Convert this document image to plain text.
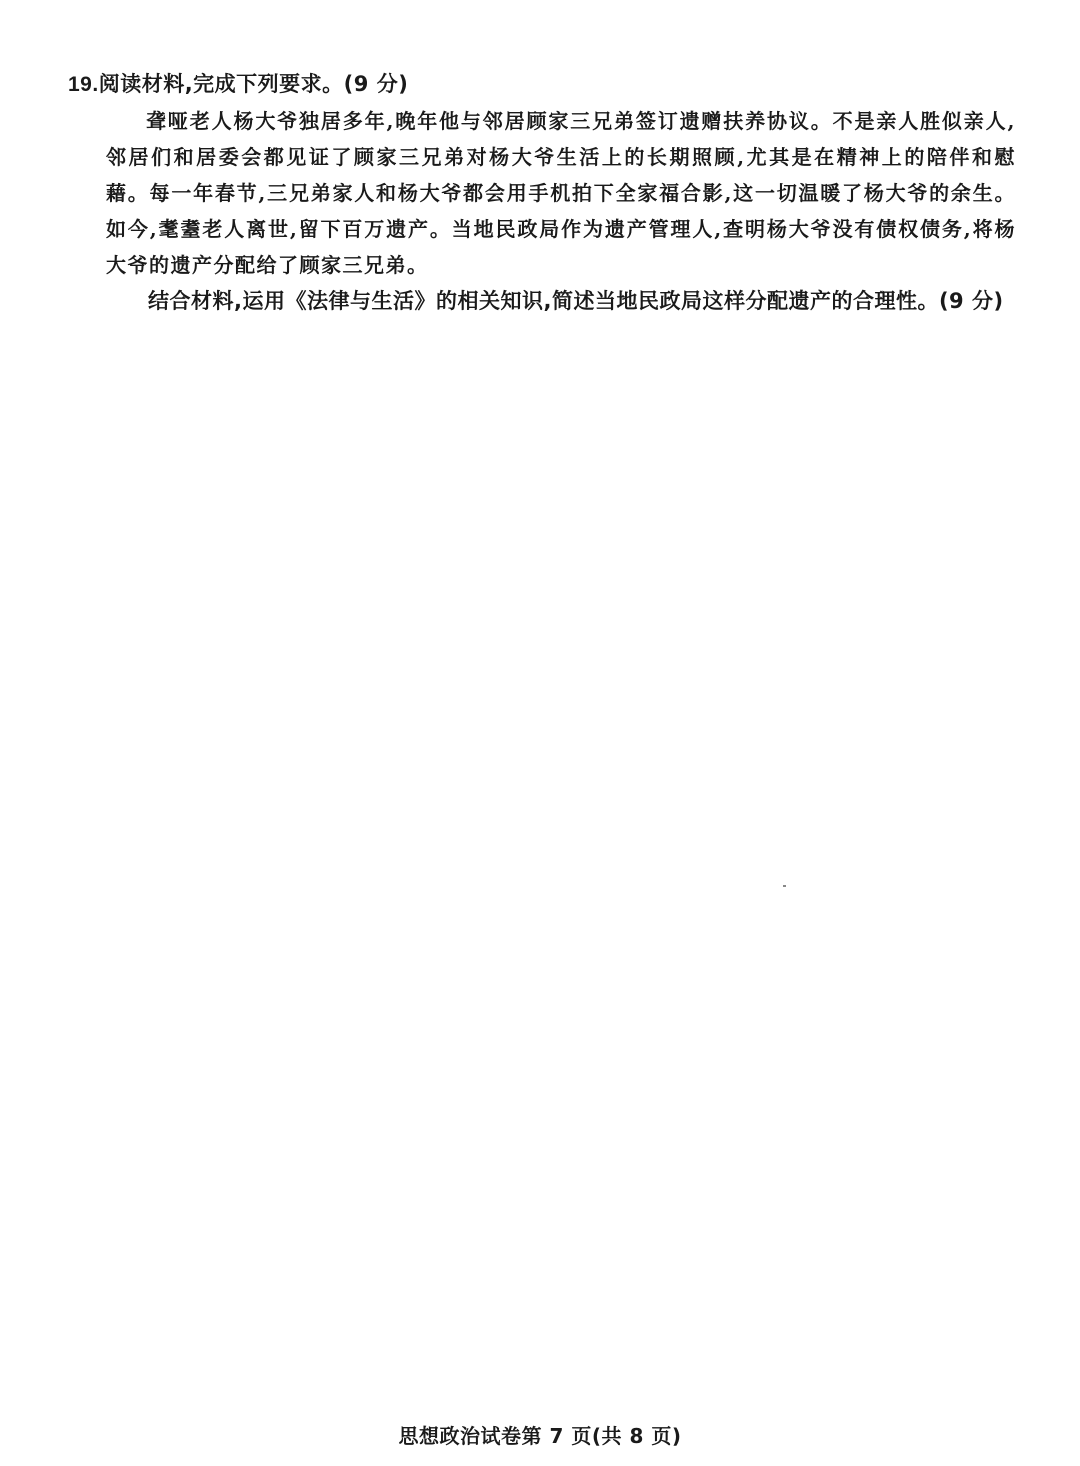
19.阅读材料,完成下列要求。(9 分)

聋哑老人杨大爷独居多年,晚年他与邻居顾家三兄弟签订遗赠扶养协议。不是亲人胜似亲人,邻居们和居委会都见证了顾家三兄弟对杨大爷生活上的长期照顾,尤其是在精神上的陪伴和慰藉。每一年春节,三兄弟家人和杨大爷都会用手机拍下全家福合影,这一切温暖了杨大爷的余生。如今,耄耋老人离世,留下百万遗产。当地民政局作为遗产管理人,查明杨大爷没有债权债务,将杨大爷的遗产分配给了顾家三兄弟。

结合材料,运用《法律与生活》的相关知识,简述当地民政局这样分配遗产的合理性。(9 分)

思想政治试卷第 7 页(共 8 页)
